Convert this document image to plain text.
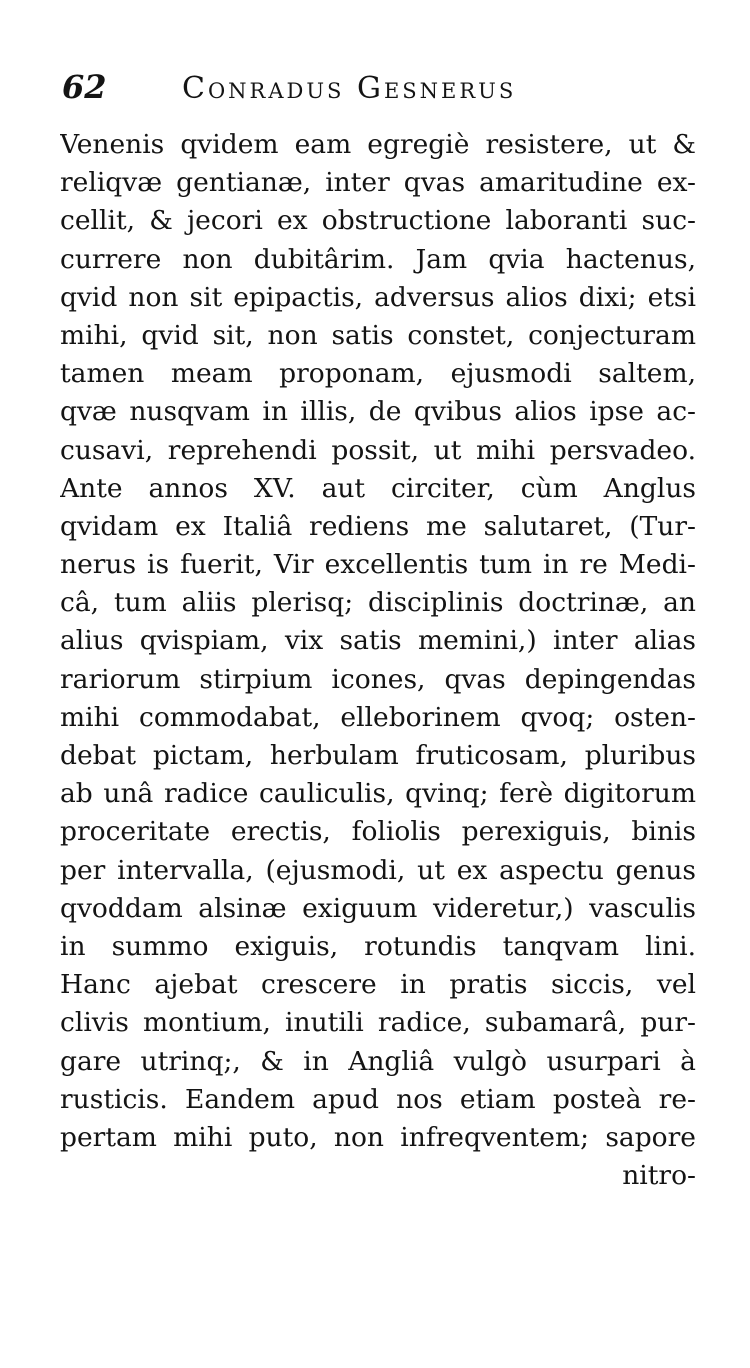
62	Conradus Gesnerus
Venenis qvidem eam egregiè resistere, ut &
reliqvæ gentianæ, inter qvas amaritudine ex-
cellit, & jecori ex obstructione laboranti suc-
currere non dubitârim. Jam qvia hactenus,
qvid non sit epipactis, adversus alios dixi; etsi
mihi, qvid sit, non satis constet, conjecturam
tamen meam proponam, ejusmodi saltem,
qvæ nusqvam in illis, de qvibus alios ipse ac-
cusavi, reprehendi possit, ut mihi persvadeo.
Ante annos XV. aut circiter, cùm Anglus
qvidam ex Italiâ rediens me salutaret, (Tur-
nerus is fuerit, Vir excellentis tum in re Medi-
câ, tum aliis plerisq; disciplinis doctrinæ, an
alius qvispiam, vix satis memini,) inter alias
rariorum stirpium icones, qvas depingendas
mihi commodabat, elleborinem qvoq; osten-
debat pictam, herbulam fruticosam, pluribus
ab unâ radice cauliculis, qvinq; ferè digitorum
proceritate erectis, foliolis perexiguis, binis
per intervalla, (ejusmodi, ut ex aspectu genus
qvoddam alsinæ exiguum videretur,) vasculis
in summo exiguis, rotundis tanqvam lini.
Hanc ajebat crescere in pratis siccis, vel
clivis montium, inutili radice, subamarâ, pur-
gare utrinq;, & in Angliâ vulgò usurpari à
rusticis. Eandem apud nos etiam posteà re-
pertam mihi puto, non infreqventem; sapore
nitro-
